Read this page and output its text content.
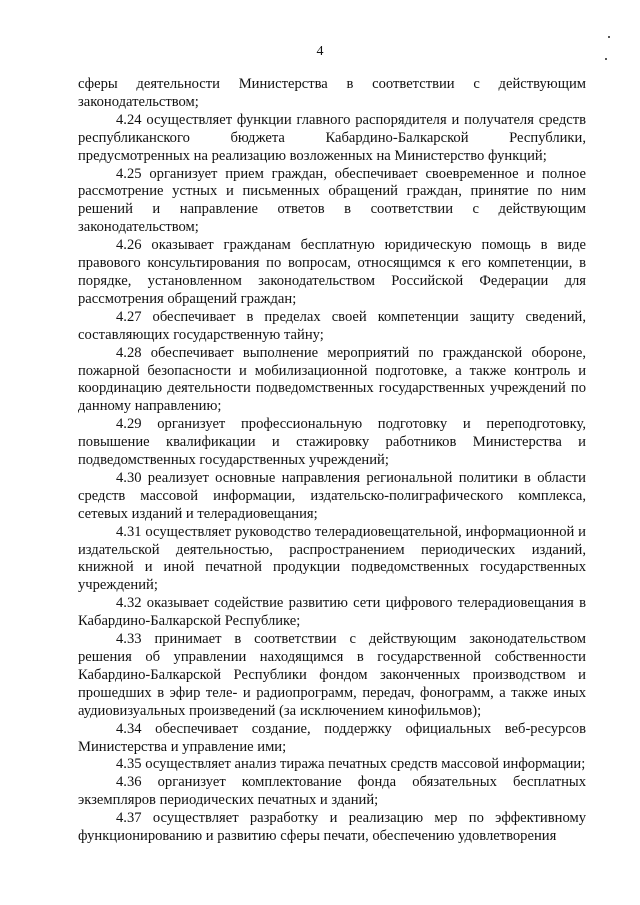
4

сферы деятельности Министерства в соответствии с действующим законодательством;

4.24 осуществляет функции главного распорядителя и получателя средств республиканского бюджета Кабардино-Балкарской Республики, предусмотренных на реализацию возложенных на Министерство функций;

4.25 организует прием граждан, обеспечивает своевременное и полное рассмотрение устных и письменных обращений граждан, принятие по ним решений и направление ответов в соответствии с действующим законодательством;

4.26 оказывает гражданам бесплатную юридическую помощь в виде правового консультирования по вопросам, относящимся к его компетенции, в порядке, установленном законодательством Российской Федерации для рассмотрения обращений граждан;

4.27 обеспечивает в пределах своей компетенции защиту сведений, составляющих государственную тайну;

4.28 обеспечивает выполнение мероприятий по гражданской обороне, пожарной безопасности и мобилизационной подготовке, а также контроль и координацию деятельности подведомственных государственных учреждений по данному направлению;

4.29 организует профессиональную подготовку и переподготовку, повышение квалификации и стажировку работников Министерства и подведомственных государственных учреждений;

4.30 реализует основные направления региональной политики в области средств массовой информации, издательско-полиграфического комплекса, сетевых изданий и телерадиовещания;

4.31 осуществляет руководство телерадиовещательной, информационной и издательской деятельностью, распространением периодических изданий, книжной и иной печатной продукции подведомственных государственных учреждений;

4.32 оказывает содействие развитию сети цифрового телерадиовещания в Кабардино-Балкарской Республике;

4.33 принимает в соответствии с действующим законодательством решения об управлении находящимся в государственной собственности Кабардино-Балкарской Республики фондом законченных производством и прошедших в эфир теле- и радиопрограмм, передач, фонограмм, а также иных аудиовизуальных произведений (за исключением кинофильмов);

4.34 обеспечивает создание, поддержку официальных веб-ресурсов Министерства и управление ими;

4.35 осуществляет анализ тиража печатных средств массовой информации;

4.36 организует комплектование фонда обязательных бесплатных экземпляров периодических печатных и зданий;

4.37 осуществляет разработку и реализацию мер по эффективному функционированию и развитию сферы печати, обеспечению удовлетворения
